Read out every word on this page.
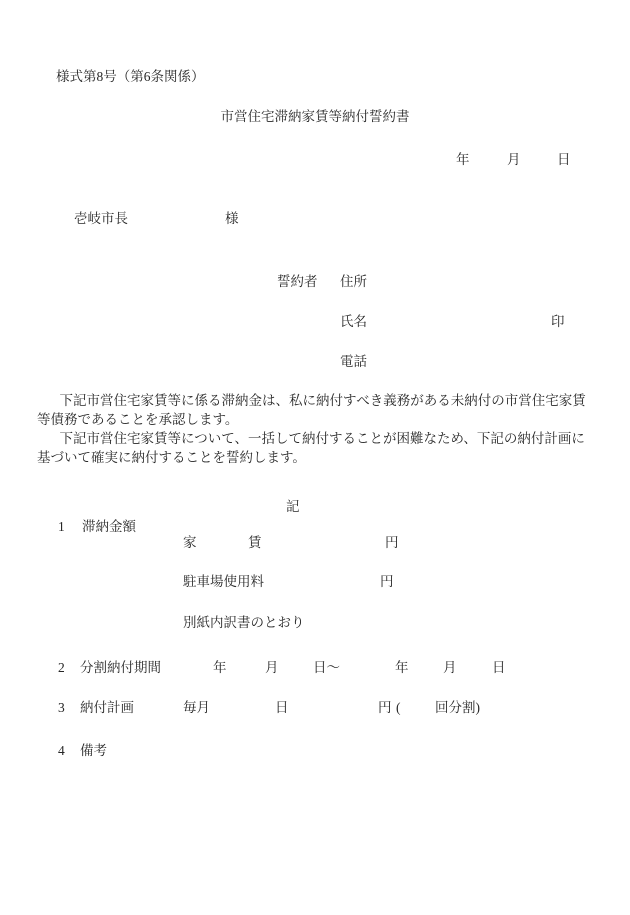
様式第8号（第6条関係）
市営住宅滞納家賃等納付誓約書
年	月	日
壱岐市長	様
誓約者 住所
氏名	印
電話
　下記市営住宅家賃等に係る滞納金は、私に納付すべき義務がある未納付の市営住宅家賃
等債務であることを承認します。
　下記市営住宅家賃等について、一括して納付することが困難なため、下記の納付計画に
基づいて確実に納付することを誓約します。
記
1 滞納金額
家	賃	円
駐車場使用料	円
別紙内訳書のとおり
2 分割納付期間	年	月	日～	年	月	日
3 納付計画	毎月	日	円 (	回分割)
4 備考
